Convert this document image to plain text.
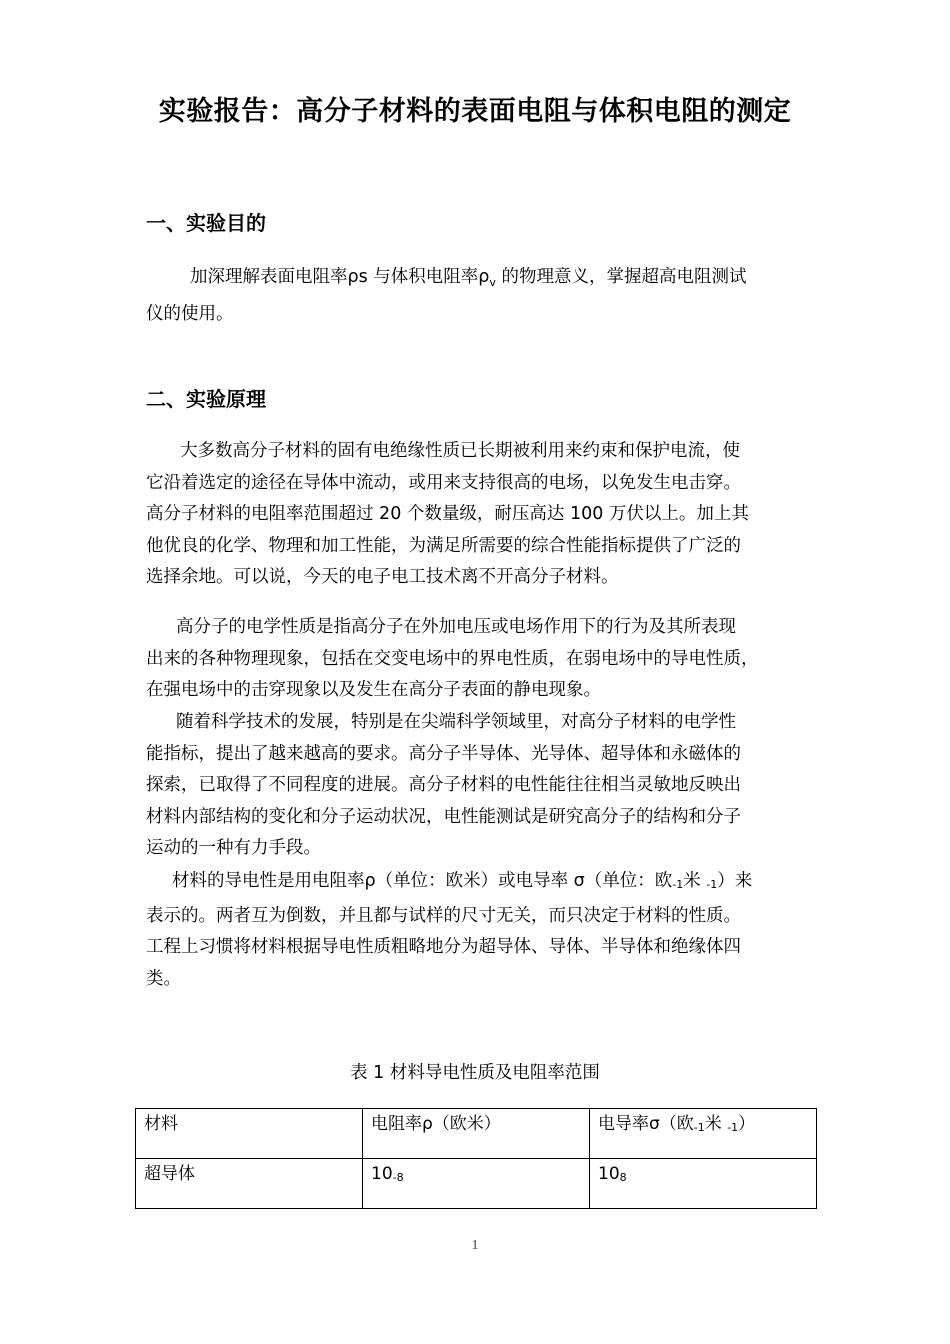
实验报告：高分子材料的表面电阻与体积电阻的测定
一、实验目的
加深理解表面电阻率ρs 与体积电阻率$\rho_v$ 的物理意义，掌握超高电阻测试
仪的使用。
二、实验原理
大多数高分子材料的固有电绝缘性质已长期被利用来约束和保护电流，使
它沿着选定的途径在导体中流动，或用来支持很高的电场，以免发生电击穿。
高分子材料的电阻率范围超过 20 个数量级，耐压高达 100 万伏以上。加上其
他优良的化学、物理和加工性能，为满足所需要的综合性能指标提供了广泛的
选择余地。可以说，今天的电子电工技术离不开高分子材料。
高分子的电学性质是指高分子在外加电压或电场作用下的行为及其所表现
出来的各种物理现象，包括在交变电场中的界电性质，在弱电场中的导电性质，
在强电场中的击穿现象以及发生在高分子表面的静电现象。
随着科学技术的发展，特别是在尖端科学领域里，对高分子材料的电学性
能指标，提出了越来越高的要求。高分子半导体、光导体、超导体和永磁体的
探索，已取得了不同程度的进展。高分子材料的电性能往往相当灵敏地反映出
材料内部结构的变化和分子运动状况，电性能测试是研究高分子的结构和分子
运动的一种有力手段。
材料的导电性是用电阻率ρ（单位：欧米）或电导率 σ（单位：欧-1米 -1）来
表示的。两者互为倒数，并且都与试样的尺寸无关，而只决定于材料的性质。
工程上习惯将材料根据导电性质粗略地分为超导体、导体、半导体和绝缘体四
类。
表 1 材料导电性质及电阻率范围
材料	电阻率ρ（欧米）	电导率σ（欧-1米 -1）
超导体	10-8	108
1
